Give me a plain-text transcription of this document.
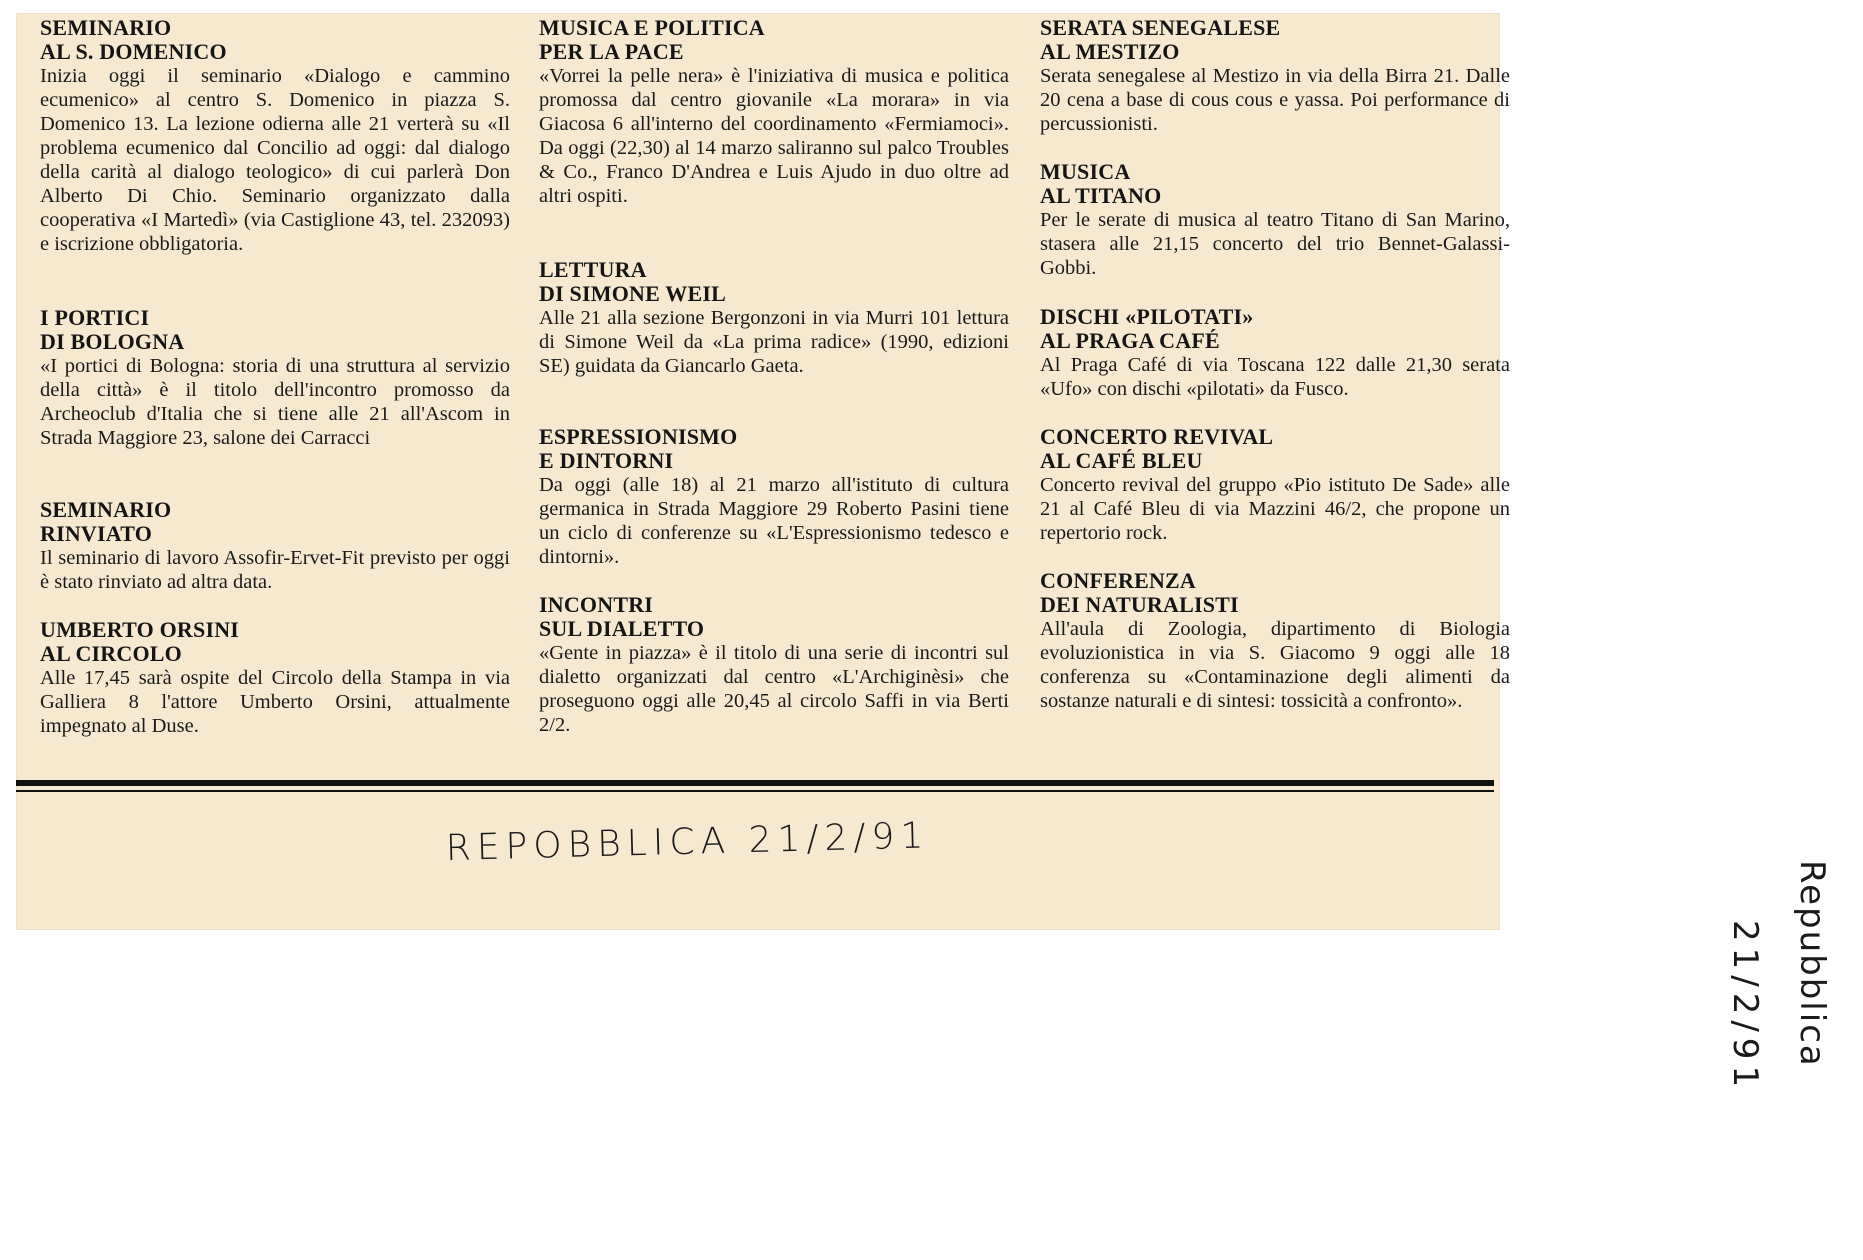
SEMINARIO
AL S. DOMENICO

Inizia oggi il seminario «Dialogo e cammino ecumenico» al centro S. Domenico in piazza S. Domenico 13. La lezione odierna alle 21 verterà su «Il problema ecumenico dal Concilio ad oggi: dal dialogo della carità al dialogo teologico» di cui parlerà Don Alberto Di Chio. Seminario organizzato dalla cooperativa «I Martedì» (via Castiglione 43, tel. 232093) e iscrizione obbligatoria.

I PORTICI
DI BOLOGNA

«I portici di Bologna: storia di una struttura al servizio della città» è il titolo dell'incontro promosso da Archeoclub d'Italia che si tiene alle 21 all'Ascom in Strada Maggiore 23, salone dei Carracci

SEMINARIO
RINVIATO

Il seminario di lavoro Assofir-Ervet-Fit previsto per oggi è stato rinviato ad altra data.

UMBERTO ORSINI
AL CIRCOLO

Alle 17,45 sarà ospite del Circolo della Stampa in via Galliera 8 l'attore Umberto Orsini, attualmente impegnato al Duse.

MUSICA E POLITICA
PER LA PACE

«Vorrei la pelle nera» è l'iniziativa di musica e politica promossa dal centro giovanile «La morara» in via Giacosa 6 all'interno del coordinamento «Fermiamoci». Da oggi (22,30) al 14 marzo saliranno sul palco Troubles & Co., Franco D'Andrea e Luis Ajudo in duo oltre ad altri ospiti.

LETTURA
DI SIMONE WEIL

Alle 21 alla sezione Bergonzoni in via Murri 101 lettura di Simone Weil da «La prima radice» (1990, edizioni SE) guidata da Giancarlo Gaeta.

ESPRESSIONISMO
E DINTORNI

Da oggi (alle 18) al 21 marzo all'istituto di cultura germanica in Strada Maggiore 29 Roberto Pasini tiene un ciclo di conferenze su «L'Espressionismo tedesco e dintorni».

INCONTRI
SUL DIALETTO

«Gente in piazza» è il titolo di una serie di incontri sul dialetto organizzati dal centro «L'Archiginèsi» che proseguono oggi alle 20,45 al circolo Saffi in via Berti 2/2.

SERATA SENEGALESE
AL MESTIZO

Serata senegalese al Mestizo in via della Birra 21. Dalle 20 cena a base di cous cous e yassa. Poi performance di percussionisti.

MUSICA
AL TITANO

Per le serate di musica al teatro Titano di San Marino, stasera alle 21,15 concerto del trio Bennet-Galassi-Gobbi.

DISCHI «PILOTATI»
AL PRAGA CAFÉ

Al Praga Café di via Toscana 122 dalle 21,30 serata «Ufo» con dischi «pilotati» da Fusco.

CONCERTO REVIVAL
AL CAFÉ BLEU

Concerto revival del gruppo «Pio istituto De Sade» alle 21 al Café Bleu di via Mazzini 46/2, che propone un repertorio rock.

CONFERENZA
DEI NATURALISTI

All'aula di Zoologia, dipartimento di Biologia evoluzionistica in via S. Giacomo 9 oggi alle 18 conferenza su «Contaminazione degli alimenti da sostanze naturali e di sintesi: tossicità a confronto».

REPOBBLICA 21/2/91
Repubblica
21/2/91
